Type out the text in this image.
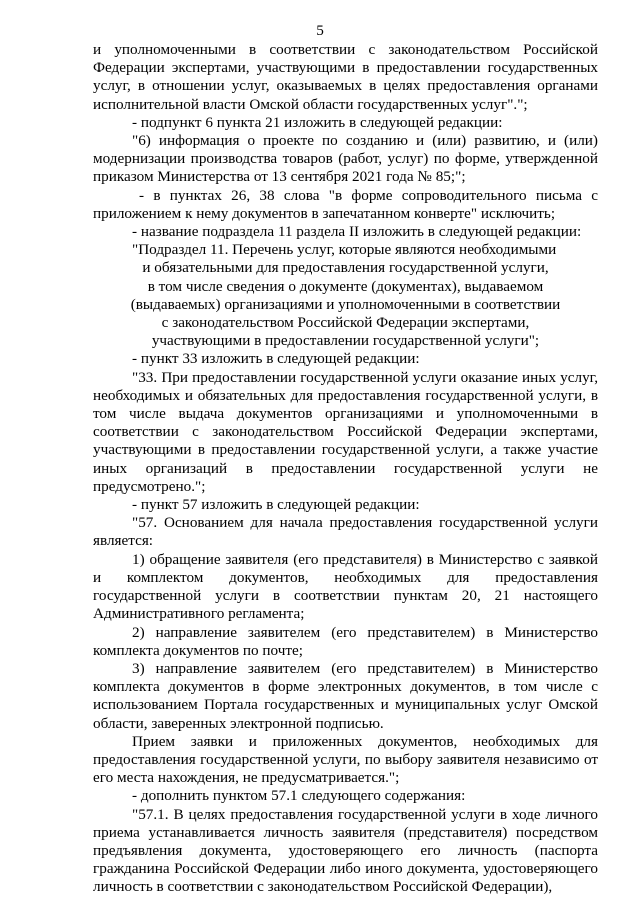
5

и уполномоченными в соответствии с законодательством Российской Федерации экспертами, участвующими в предоставлении государственных услуг, в отношении услуг, оказываемых в целях предоставления органами исполнительной власти Омской области государственных услуг".";

- подпункт 6 пункта 21 изложить в следующей редакции:

"6) информация о проекте по созданию и (или) развитию, и (или) модернизации производства товаров (работ, услуг) по форме, утвержденной приказом Министерства от 13 сентября 2021 года № 85;";

- в пунктах 26, 38 слова "в форме сопроводительного письма с приложением к нему документов в запечатанном конверте" исключить;

- название подраздела 11 раздела II изложить в следующей редакции:

"Подраздел 11. Перечень услуг, которые являются необходимыми

и обязательными для предоставления государственной услуги,

в том числе сведения о документе (документах), выдаваемом

(выдаваемых) организациями и уполномоченными в соответствии

с законодательством Российской Федерации экспертами,

участвующими в предоставлении государственной услуги";

- пункт 33 изложить в следующей редакции:

"33. При предоставлении государственной услуги оказание иных услуг, необходимых и обязательных для предоставления государственной услуги, в том числе выдача документов организациями и уполномоченными в соответствии с законодательством Российской Федерации экспертами, участвующими в предоставлении государственной услуги, а также участие иных организаций в предоставлении государственной услуги не предусмотрено.";

- пункт 57 изложить в следующей редакции:

"57. Основанием для начала предоставления государственной услуги является:

1) обращение заявителя (его представителя) в Министерство с заявкой и комплектом документов, необходимых для предоставления государственной услуги в соответствии пунктам 20, 21 настоящего Административного регламента;

2) направление заявителем (его представителем) в Министерство комплекта документов по почте;

3) направление заявителем (его представителем) в Министерство комплекта документов в форме электронных документов, в том числе с использованием Портала государственных и муниципальных услуг Омской области, заверенных электронной подписью.

Прием заявки и приложенных документов, необходимых для предоставления государственной услуги, по выбору заявителя независимо от его места нахождения, не предусматривается.";

- дополнить пунктом 57.1 следующего содержания:

"57.1. В целях предоставления государственной услуги в ходе личного приема устанавливается личность заявителя (представителя) посредством предъявления документа, удостоверяющего его личность (паспорта гражданина Российской Федерации либо иного документа, удостоверяющего личность в соответствии с законодательством Российской Федерации),
